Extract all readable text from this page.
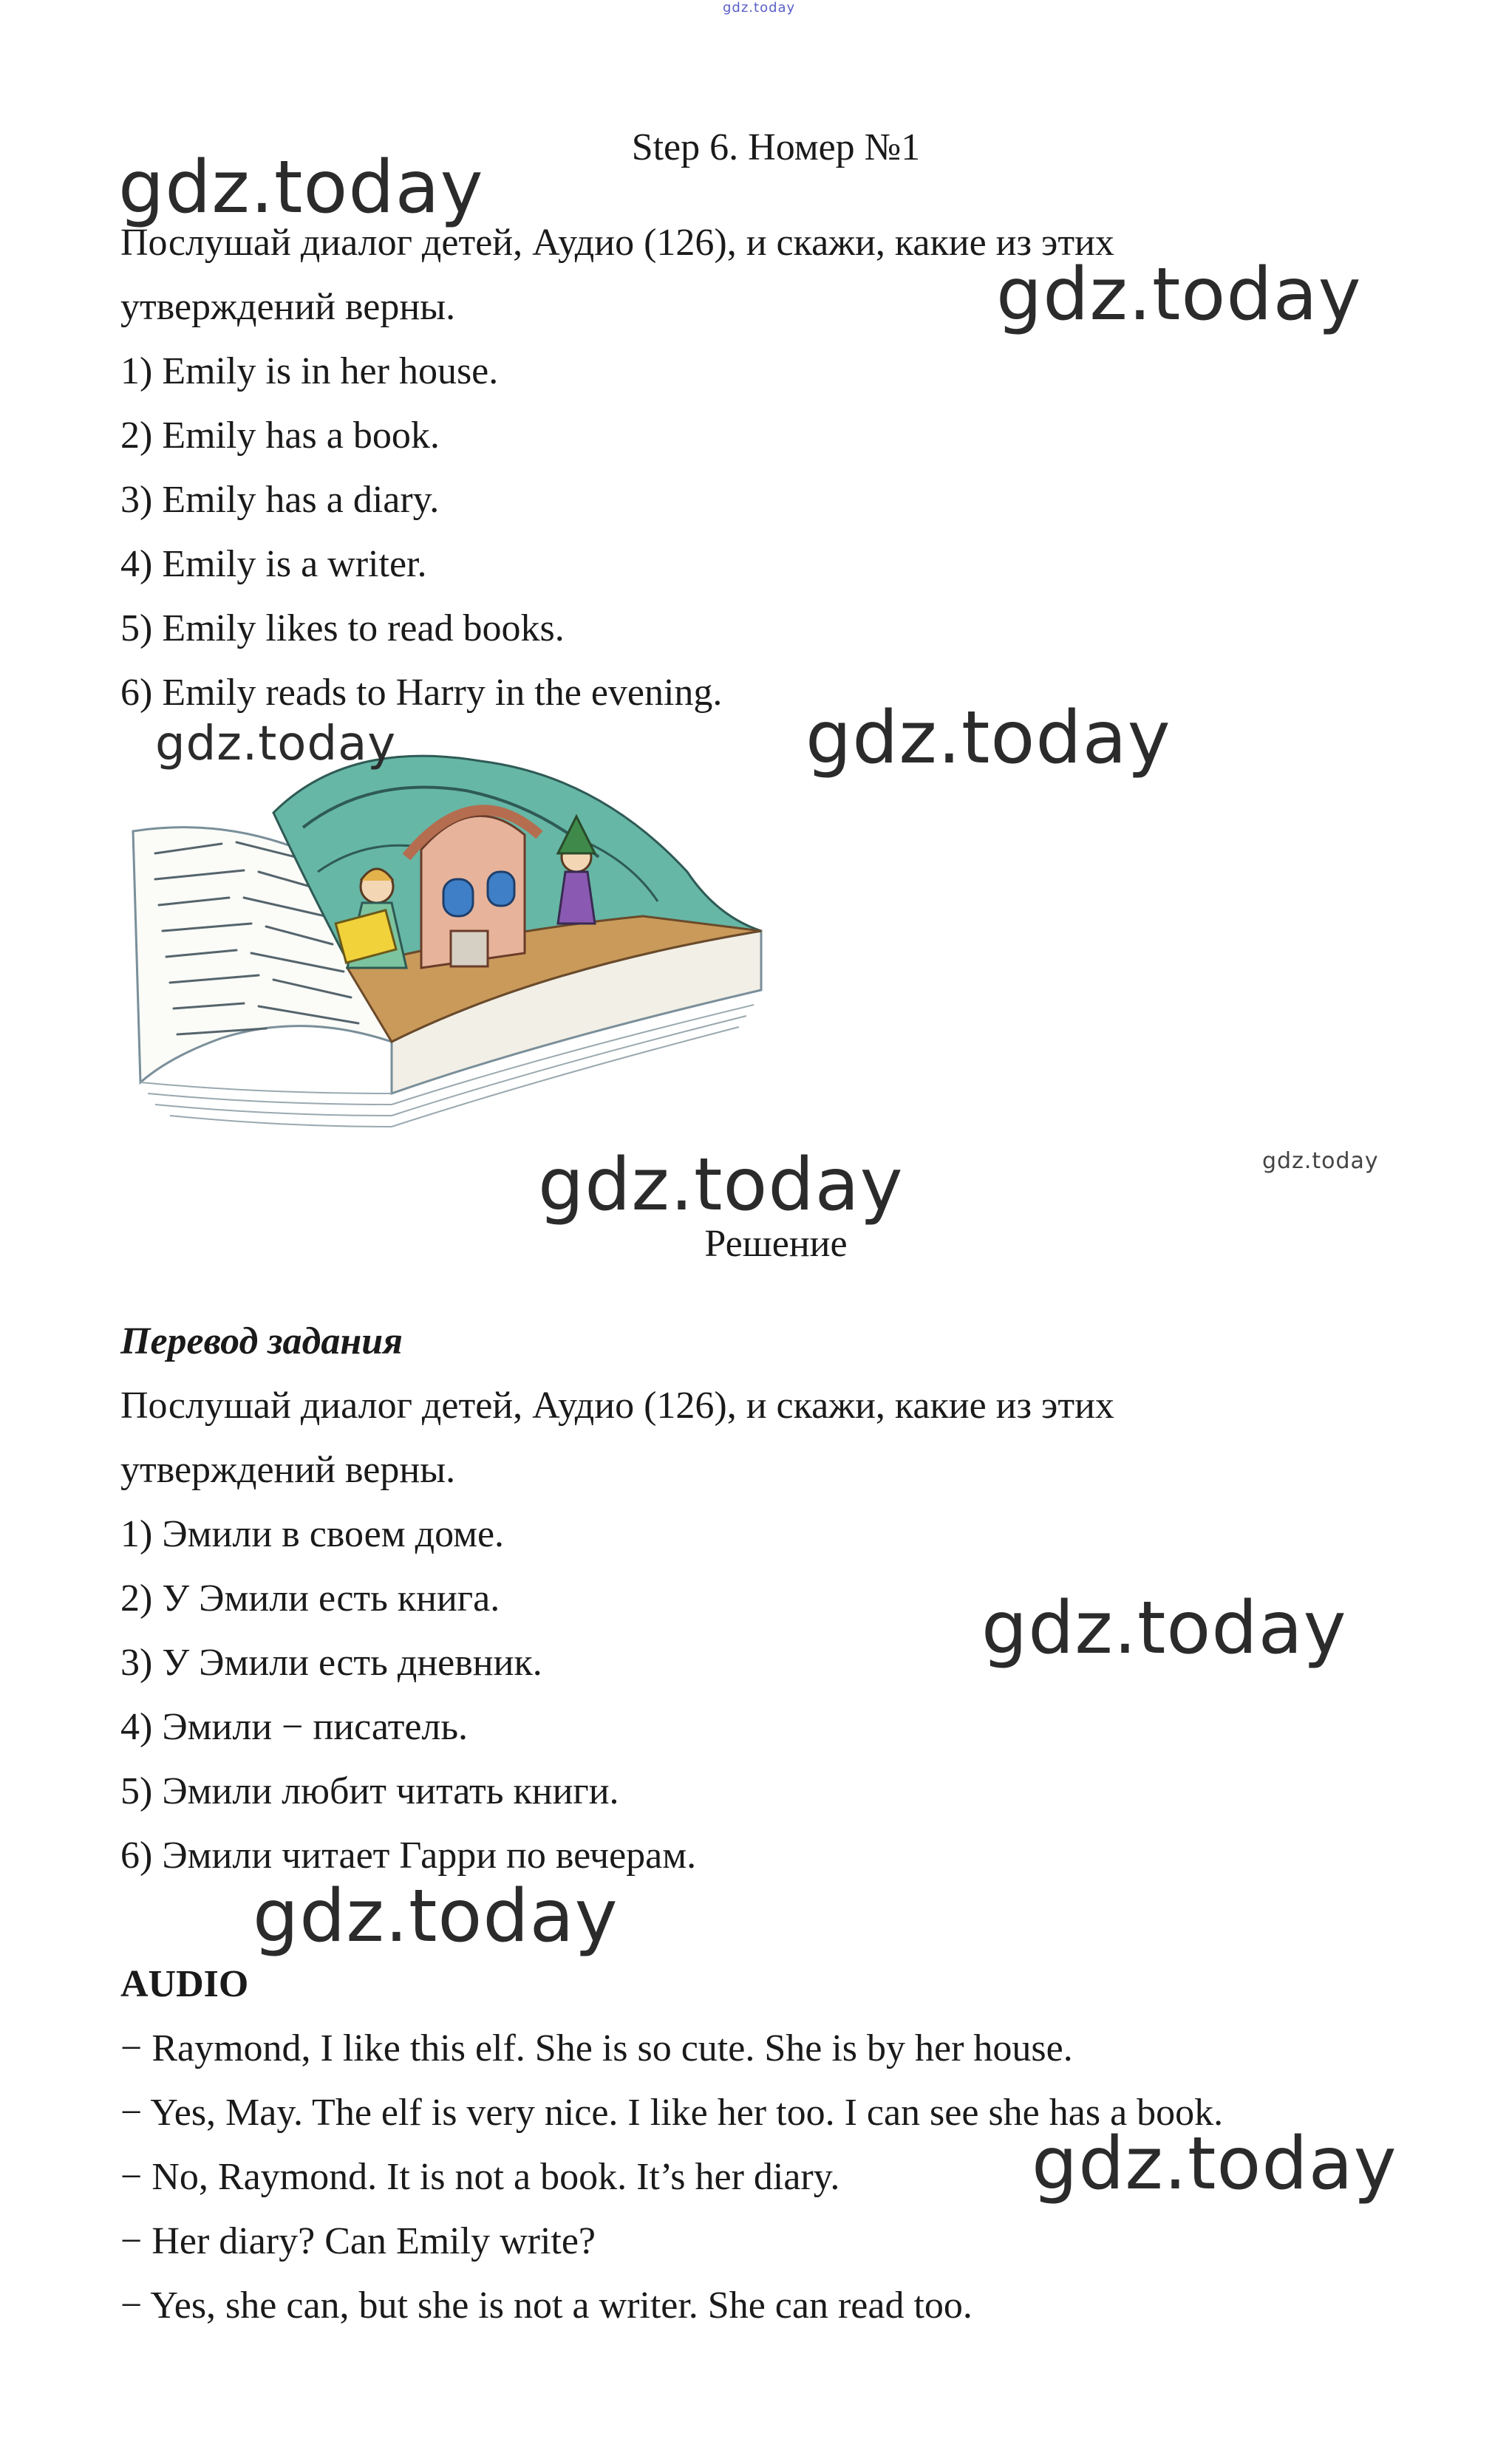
gdz.today
Step 6. Номер №1
Послушай диалог детей, Аудио (126), и скажи, какие из этих
утверждений верны.
1) Emily is in her house.
2) Emily has a book.
3) Emily has a diary.
4) Emily is a writer.
5) Emily likes to read books.
6) Emily reads to Harry in the evening.
gdz.today
gdz.today
gdz.today	gdz.today
gdz.today	gdz.today
gdz.today
gdz.today
gdz.today
Решение
Перевод задания
Послушай диалог детей, Аудио (126), и скажи, какие из этих
утверждений верны.
1) Эмили в своем доме.
2) У Эмили есть книга.
3) У Эмили есть дневник.
4) Эмили − писатель.
5) Эмили любит читать книги.
6) Эмили читает Гарри по вечерам.
AUDIO
− Raymond, I like this elf. She is so cute. She is by her house.
− Yes, May. The elf is very nice. I like her too. I can see she has a book.
− No, Raymond. It is not a book. It’s her diary.
− Her diary? Can Emily write?
− Yes, she can, but she is not a writer. She can read too.
